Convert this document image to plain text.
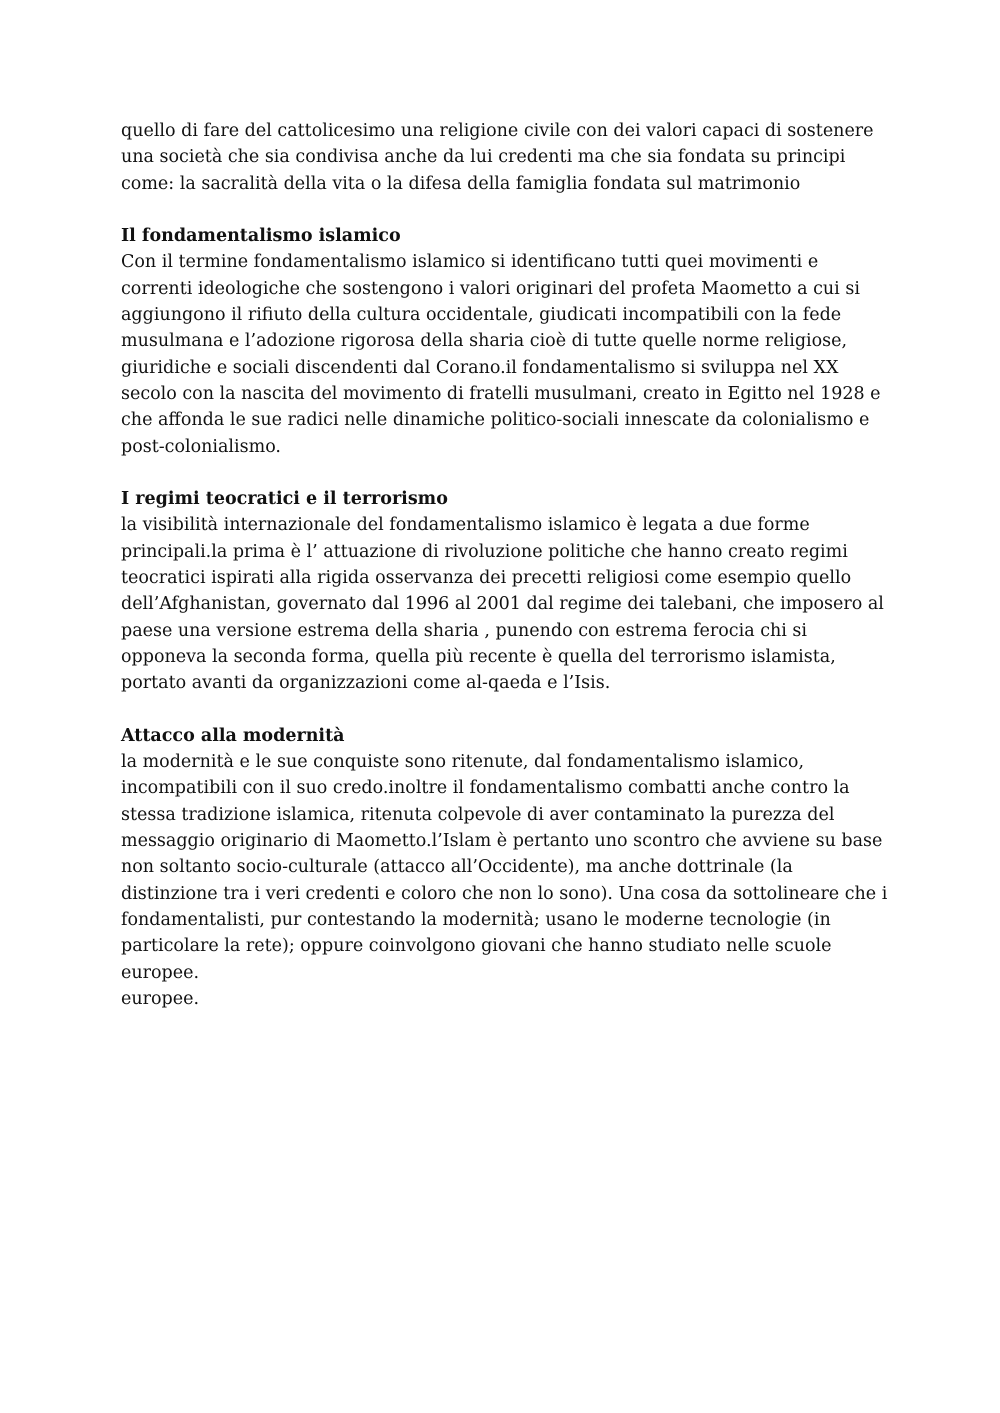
quello di fare del cattolicesimo una religione civile con dei valori capaci di sostenere

una società che sia condivisa anche da lui credenti ma che sia fondata su principi

come: la sacralità della vita o la difesa della famiglia fondata sul matrimonio

Il fondamentalismo islamico

Con il termine fondamentalismo islamico si identificano tutti quei movimenti e

correnti ideologiche che sostengono i valori originari del profeta Maometto a cui si

aggiungono il rifiuto della cultura occidentale, giudicati incompatibili con la fede

musulmana e l’adozione rigorosa della sharia cioè di tutte quelle norme religiose,

giuridiche e sociali discendenti dal Corano.il fondamentalismo si sviluppa nel XX

secolo con la nascita del movimento di fratelli musulmani, creato in Egitto nel 1928 e

che affonda le sue radici nelle dinamiche politico-sociali innescate da colonialismo e

post-colonialismo.

I regimi teocratici e il terrorismo

la visibilità internazionale del fondamentalismo islamico è legata a due forme

principali.la prima è l’ attuazione di rivoluzione politiche che hanno creato regimi

teocratici ispirati alla rigida osservanza dei precetti religiosi come esempio quello

dell’Afghanistan, governato dal 1996 al 2001 dal regime dei talebani, che imposero al

paese una versione estrema della sharia , punendo con estrema ferocia chi si

opponeva la seconda forma, quella più recente è quella del terrorismo islamista,

portato avanti da organizzazioni come al-qaeda e l’Isis.

Attacco alla modernità

la modernità e le sue conquiste sono ritenute, dal fondamentalismo islamico,

incompatibili con il suo credo.inoltre il fondamentalismo combatti anche contro la

stessa tradizione islamica, ritenuta colpevole di aver contaminato la purezza del

messaggio originario di Maometto.l’Islam è pertanto uno scontro che avviene su base

non soltanto socio-culturale (attacco all’Occidente), ma anche dottrinale (la

distinzione tra i veri credenti e coloro che non lo sono). Una cosa da sottolineare che i

fondamentalisti, pur contestando la modernità; usano le moderne tecnologie (in

particolare la rete); oppure coinvolgono giovani che hanno studiato nelle scuole

europee.

europee.
